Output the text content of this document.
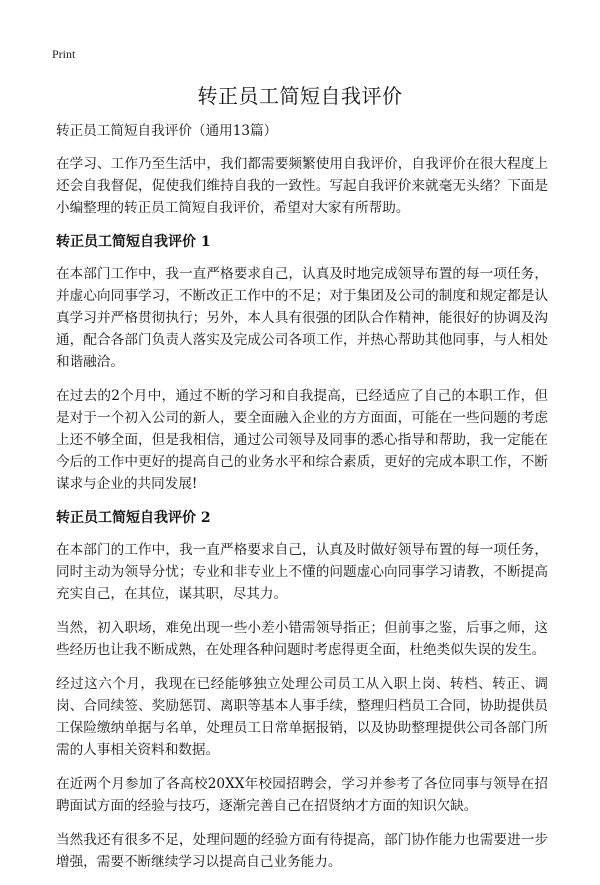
Print
转正员工简短自我评价

转正员工简短自我评价（通用13篇）

在学习、工作乃至生活中，我们都需要频繁使用自我评价，自我评价在很大程度上还会自我督促，促使我们维持自我的一致性。写起自我评价来就毫无头绪？下面是小编整理的转正员工简短自我评价，希望对大家有所帮助。

转正员工简短自我评价 1

在本部门工作中，我一直严格要求自己，认真及时地完成领导布置的每一项任务，并虚心向同事学习，不断改正工作中的不足；对于集团及公司的制度和规定都是认真学习并严格贯彻执行；另外，本人具有很强的团队合作精神，能很好的协调及沟通，配合各部门负责人落实及完成公司各项工作，并热心帮助其他同事，与人相处和谐融洽。

在过去的2个月中，通过不断的学习和自我提高，已经适应了自己的本职工作，但是对于一个初入公司的新人，要全面融入企业的方方面面，可能在一些问题的考虑上还不够全面，但是我相信，通过公司领导及同事的悉心指导和帮助，我一定能在今后的工作中更好的提高自己的业务水平和综合素质，更好的完成本职工作，不断谋求与企业的共同发展!

转正员工简短自我评价 2

在本部门的工作中，我一直严格要求自己，认真及时做好领导布置的每一项任务，同时主动为领导分忧；专业和非专业上不懂的问题虚心向同事学习请教，不断提高充实自己，在其位，谋其职，尽其力。

当然，初入职场，难免出现一些小差小错需领导指正；但前事之鉴，后事之师，这些经历也让我不断成熟，在处理各种问题时考虑得更全面，杜绝类似失误的发生。

经过这六个月，我现在已经能够独立处理公司员工从入职上岗、转档、转正、调岗、合同续签、奖励惩罚、离职等基本人事手续，整理归档员工合同，协助提供员工保险缴纳单据与名单，处理员工日常单据报销，以及协助整理提供公司各部门所需的人事相关资料和数据。

在近两个月参加了各高校20XX年校园招聘会，学习并参考了各位同事与领导在招聘面试方面的经验与技巧，逐渐完善自己在招贤纳才方面的知识欠缺。

当然我还有很多不足，处理问题的经验方面有待提高，部门协作能力也需要进一步增强，需要不断继续学习以提高自己业务能力。
